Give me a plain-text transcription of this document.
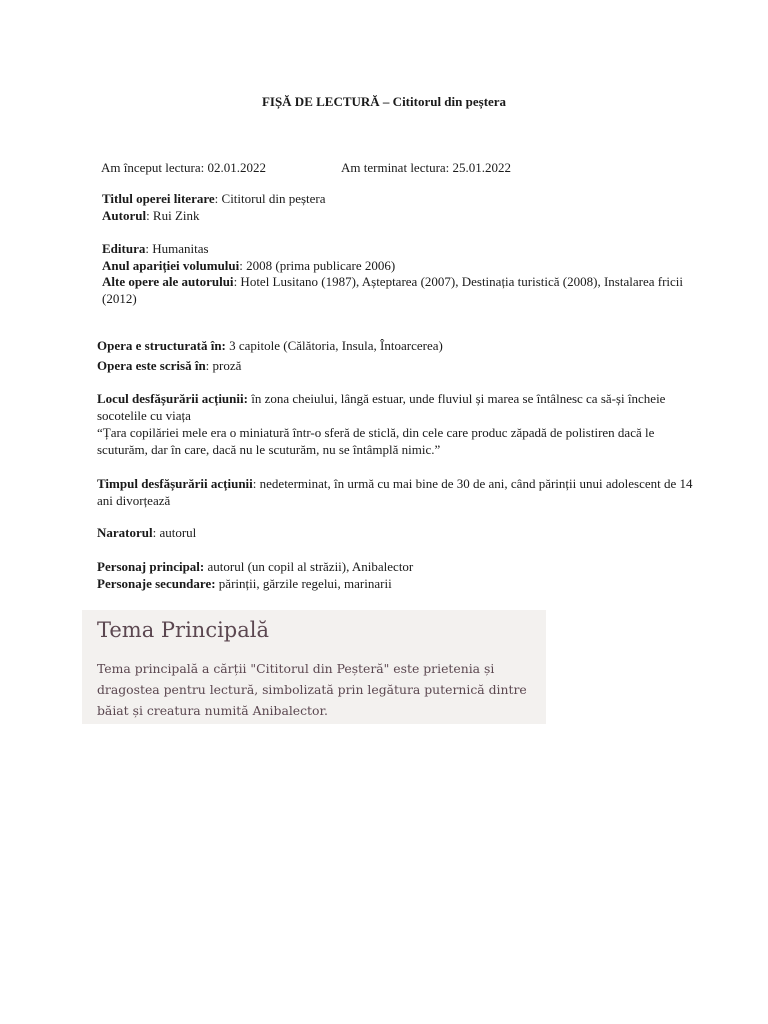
FIȘĂ DE LECTURĂ – Cititorul din peștera
Am început lectura: 02.01.2022	Am terminat lectura: 25.01.2022

Titlul operei literare: Cititorul din peștera

Autorul: Rui Zink

Editura: Humanitas

Anul apariției volumului: 2008 (prima publicare 2006)

Alte opere ale autorului: Hotel Lusitano (1987), Așteptarea (2007), Destinația turistică (2008), Instalarea fricii (2012)

Opera e structurată în: 3 capitole (Călătoria, Insula, Întoarcerea)

Opera este scrisă în: proză

Locul desfășurării acțiunii: în zona cheiului, lângă estuar, unde fluviul și marea se întâlnesc ca să-și încheie socotelile cu viața

“Țara copilăriei mele era o miniatură într-o sferă de sticlă, din cele care produc zăpadă de polistiren dacă le scuturăm, dar în care, dacă nu le scuturăm, nu se întâmplă nimic.”

Timpul desfășurării acțiunii: nedeterminat, în urmă cu mai bine de 30 de ani, când părinții unui adolescent de 14 ani divorțează

Naratorul: autorul

Personaj principal: autorul (un copil al străzii), Anibalector

Personaje secundare: părinții, gărzile regelui, marinarii

Tema Principală
Tema principală a cărții "Cititorul din Peșteră" este prietenia și dragostea pentru lectură, simbolizată prin legătura puternică dintre băiat și creatura numită Anibalector.
